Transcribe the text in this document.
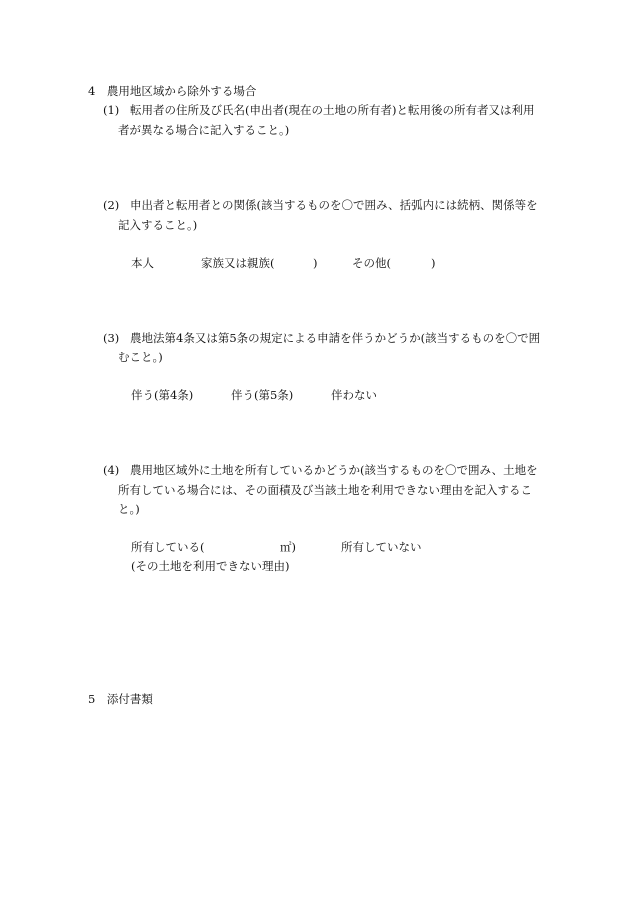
4　農用地区域から除外する場合
(1) 転用者の住所及び氏名(申出者(現在の土地の所有者)と転用後の所有者又は利用
者が異なる場合に記入すること。)
(2) 申出者と転用者との関係(該当するものを〇で囲み、括弧内には続柄、関係等を
記入すること。)
本人	家族又は親族(	)	その他(	)
(3) 農地法第4条又は第5条の規定による申請を伴うかどうか(該当するものを〇で囲
むこと。)
伴う(第4条)	伴う(第5条)	伴わない
(4) 農用地区域外に土地を所有しているかどうか(該当するものを〇で囲み、土地を
所有している場合には、その面積及び当該土地を利用できない理由を記入するこ
と。)
所有している(	㎡)	所有していない
(その土地を利用できない理由)
5　添付書類
